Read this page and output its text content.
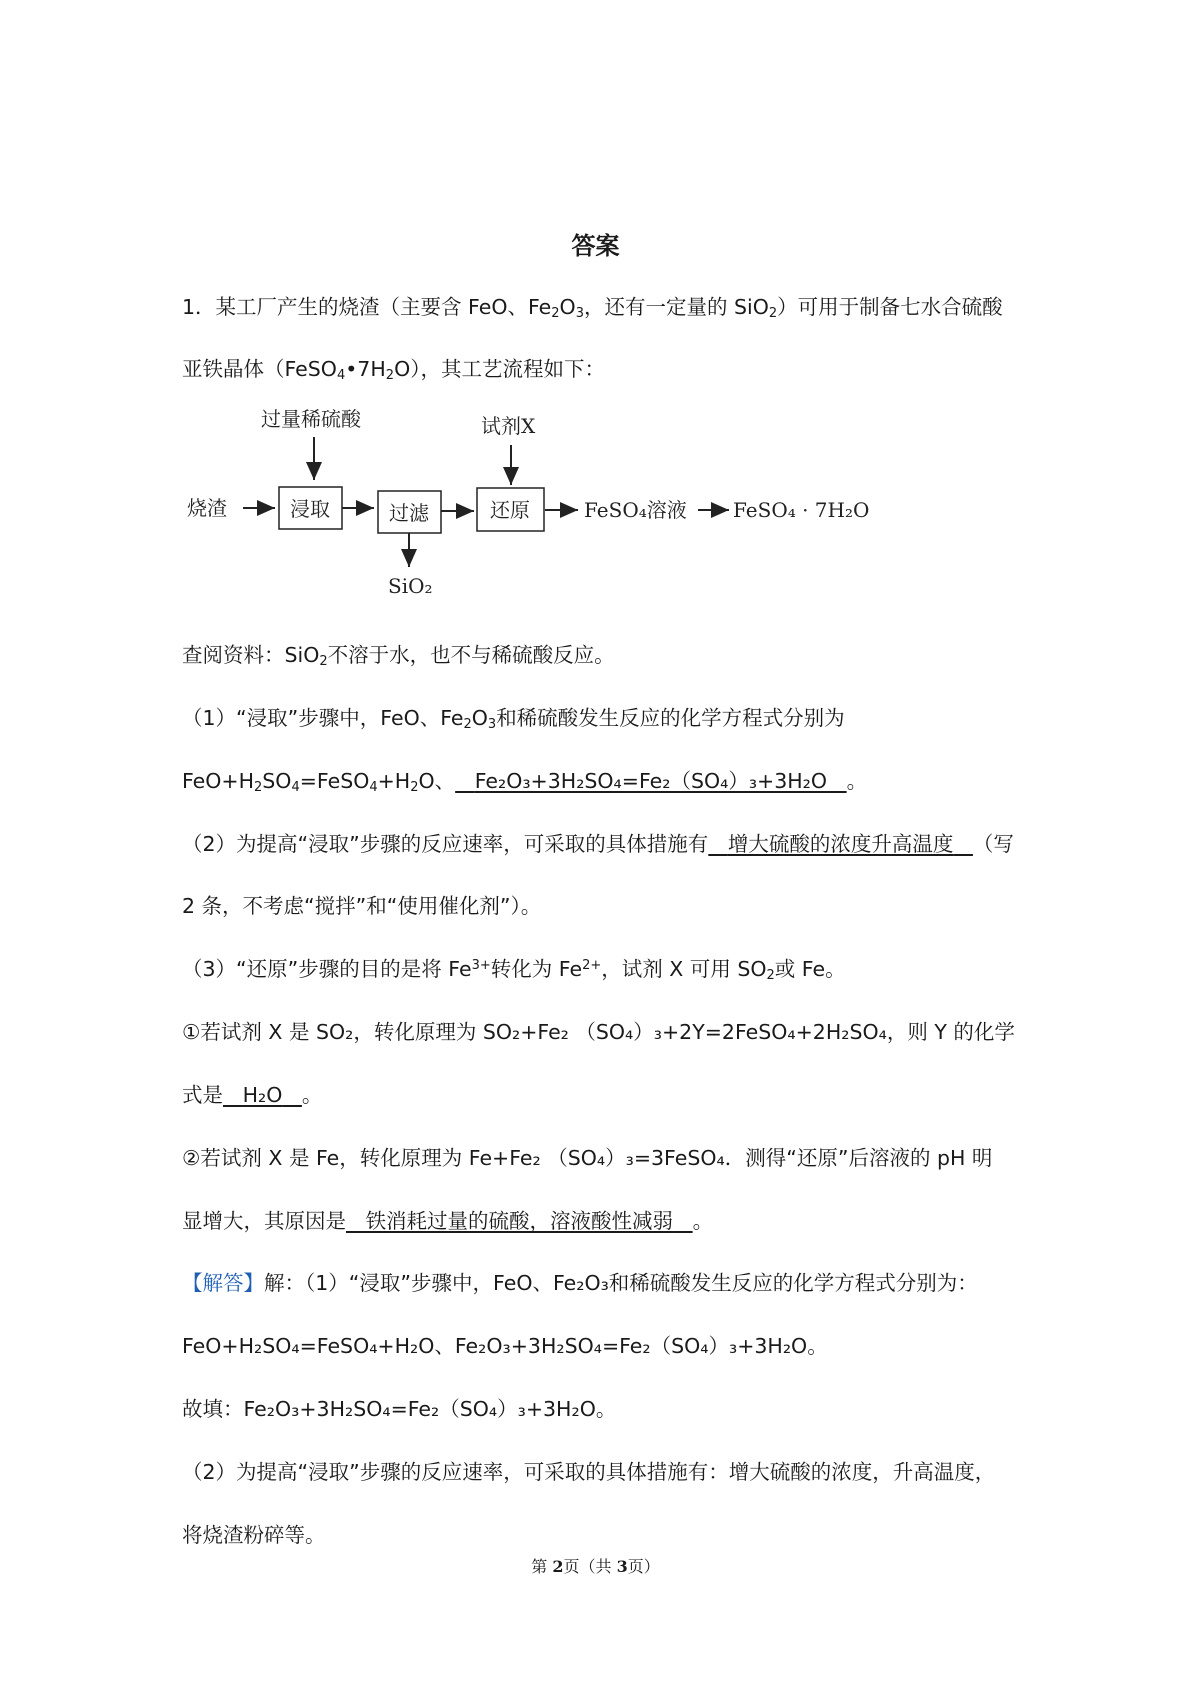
答案
1．某工厂产生的烧渣（主要含 FeO、$Fe_2O_3$，还有一定量的 SiO$_2$）可用于制备七水合硫酸
亚铁晶体$(FeSO_4•7H_2O)$，其工艺流程如下：
过量稀硫酸	试剂X
烧渣	浸取	过滤	还原	FeSO₄溶液 FeSO₄ · 7H₂O
SiO₂
查阅资料：SiO$_2$不溶于水，也不与稀硫酸反应。
（1）“浸取”步骤中，FeO、$Fe_2O_3$和稀硫酸发生反应的化学方程式分别为
$FeO+H_2SO_4=FeSO_4+H_2O$、 Fe₂O₃+3H₂SO₄=Fe₂（SO₄）₃+3H₂O 。
（2）为提高“浸取”步骤的反应速率，可采取的具体措施有 增大硫酸的浓度升高温度 （写
2 条，不考虑“搅拌”和“使用催化剂”）。
（3）“还原”步骤的目的是将 $Fe^{3+}$转化为 $Fe^{2+}$，试剂 X 可用 $SO_2$或 Fe。
①若试剂 X 是 SO₂，转化原理为 SO₂+Fe₂ （SO₄）₃+2Y=2FeSO₄+2H₂SO₄，则 Y 的化学
式是 H₂O 。
②若试剂 X 是 Fe，转化原理为 Fe+Fe₂ （SO₄）₃=3FeSO₄．测得“还原”后溶液的 pH 明
显增大，其原因是 铁消耗过量的硫酸，溶液酸性减弱 。
【解答】解：（1）“浸取”步骤中，FeO、Fe₂O₃和稀硫酸发生反应的化学方程式分别为：
FeO+H₂SO₄=FeSO₄+H₂O、Fe₂O₃+3H₂SO₄=Fe₂（SO₄）₃+3H₂O。
故填：Fe₂O₃+3H₂SO₄=Fe₂（SO₄）₃+3H₂O。
（2）为提高“浸取”步骤的反应速率，可采取的具体措施有：增大硫酸的浓度，升高温度，
将烧渣粉碎等。
第 2页（共 3页）
